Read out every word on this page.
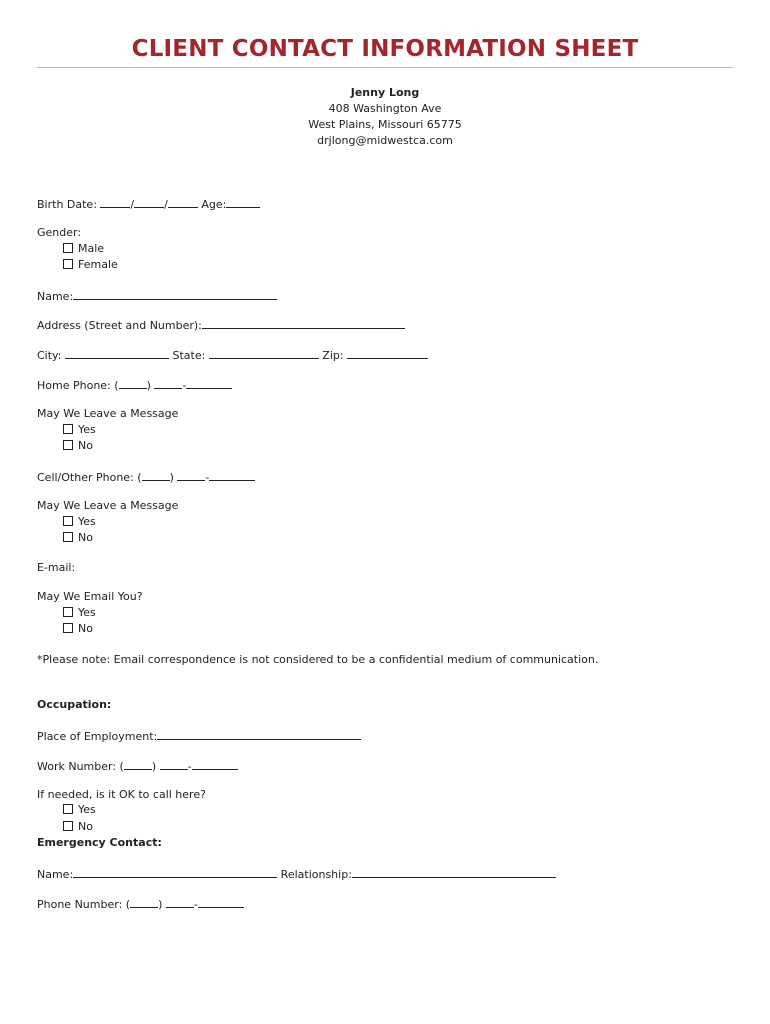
CLIENT CONTACT INFORMATION SHEET
Jenny Long
408 Washington Ave
West Plains, Missouri 65775
drjlong@midwestca.com
Birth Date:	/	/	Age:
Gender:
Male
Female
Name:
Address (Street and Number):
City:	State:	Zip:
Home Phone: (	)	-
May We Leave a Message
Yes
No
Cell/Other Phone: (	)	-
May We Leave a Message
Yes
No
E-mail:
May We Email You?
Yes
No
*Please note: Email correspondence is not considered to be a confidential medium of communication.
Occupation:
Place of Employment:
Work Number: (	)	-
If needed, is it OK to call here?
Yes
No
Emergency Contact:
Name:	Relationship:
Phone Number: (	)	-
